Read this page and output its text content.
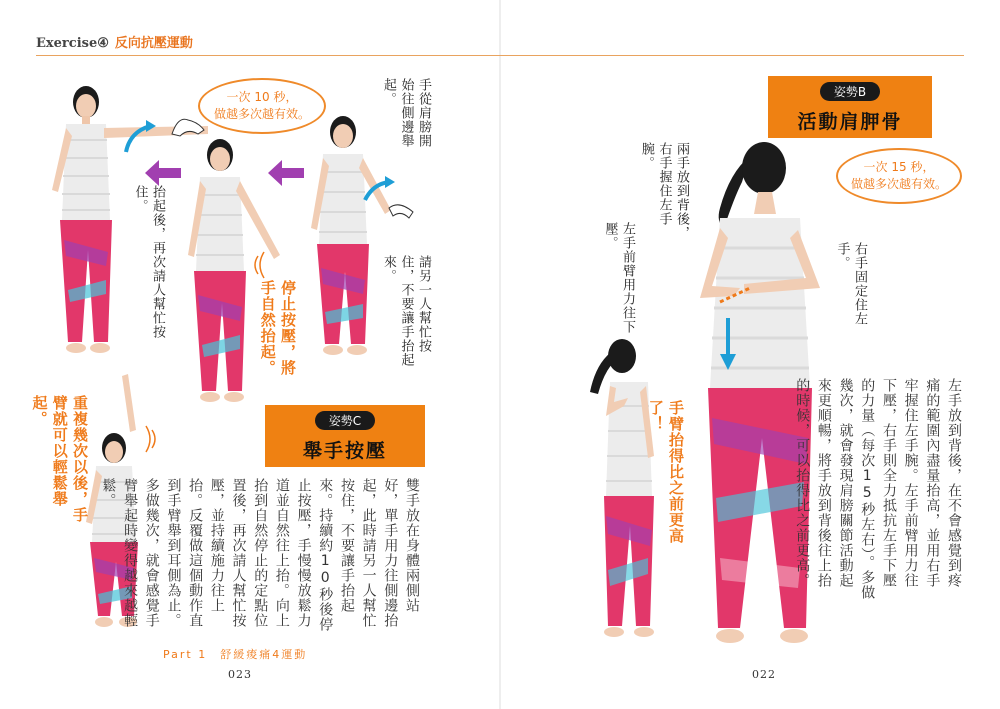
Exercise④ 反向抗壓運動
一次 10 秒，
做越多次越有效。
抬起後，再次請人幫忙按住。
停止按壓，將手自然抬起。
手從肩膀開始往側邊舉起。
請另一人幫忙按住，不要讓手抬起來。
重複幾次以後，手臂就可以輕鬆舉起。	姿勢C
舉手按壓
雙手放在身體兩側站好，單手用力往側邊抬起，此時請另一人幫忙按住，不要讓手抬起來。持續約10秒後停止按壓，手慢慢放鬆力道並自然往上抬。向上抬到自然停止的定點位置後，再次請人幫忙按壓，並持續施力往上抬。反覆做這個動作直到手臂舉到耳側為止。多做幾次，就會感覺手臂舉起時變得越來越輕鬆。
Part 1　舒緩痠痛4運動
023
姿勢B
活動肩胛骨
一次 15 秒，
做越多次越有效。
兩手放到背後，右手握住左手腕。
左手前臂用力往下壓。
右手固定住左手。
手臂抬得比之前更高了！	左手放到背後，在不會感覺到疼痛的範圍內盡量抬高，並用右手牢握住左手腕。左手前臂用力往下壓，右手則全力抵抗左手下壓的力量（每次15秒左右）。多做幾次，就會發現肩膀關節活動起來更順暢，將手放到背後往上抬的時候，可以抬得比之前更高。
022
